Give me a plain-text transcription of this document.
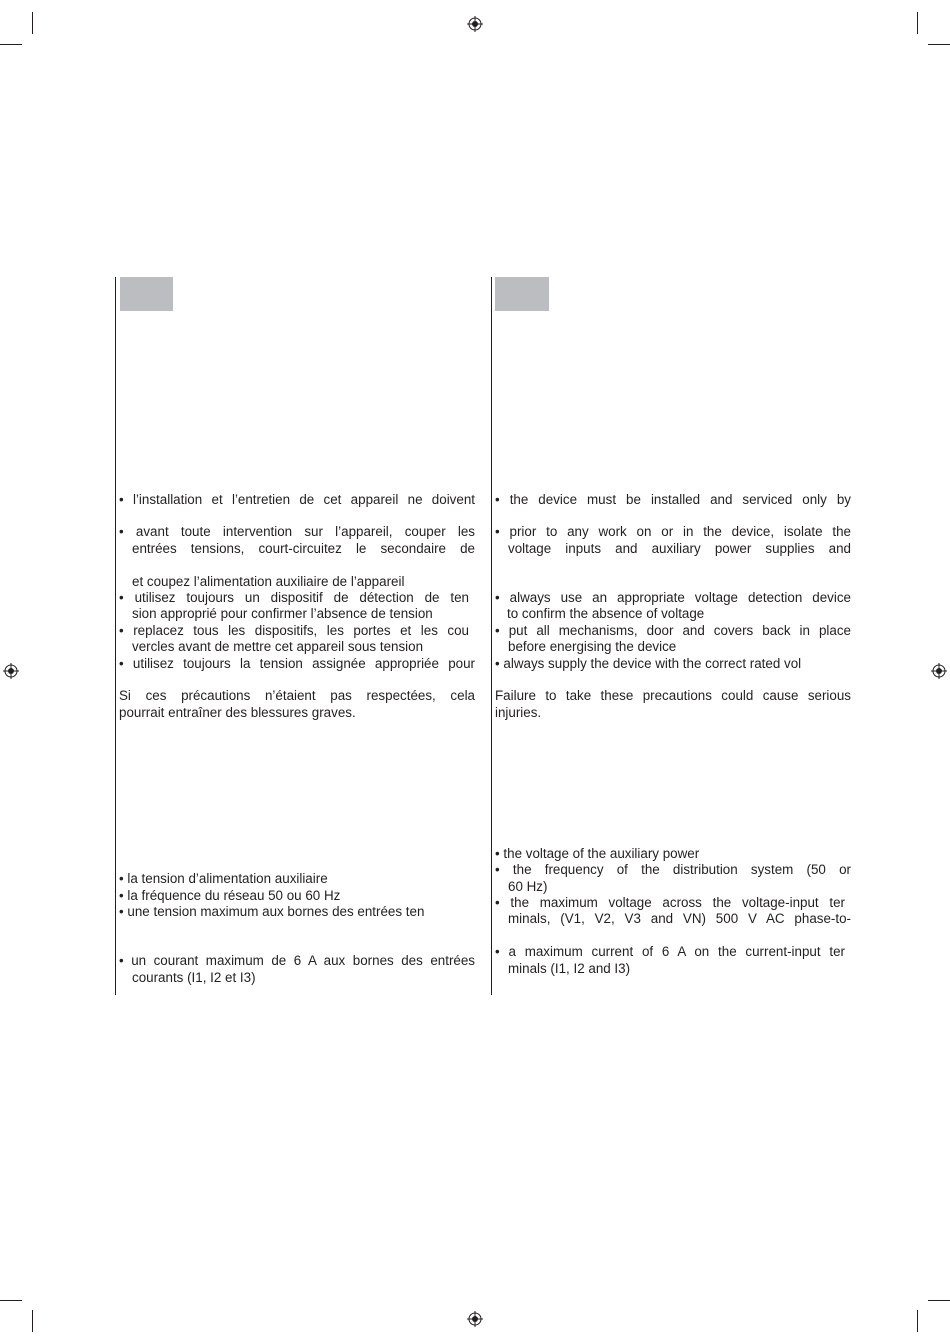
• l’installation et l’entretien de cet appareil ne doivent
• avant toute intervention sur l’appareil, couper les
entrées tensions, court-circuitez le secondaire de
et coupez l’alimentation auxiliaire de l’appareil
• utilisez toujours un dispositif de détection de ten
sion approprié pour confirmer l’absence de tension
• replacez tous les dispositifs, les portes et les cou
vercles avant de mettre cet appareil sous tension
• utilisez toujours la tension assignée appropriée pour
Si ces précautions n’étaient pas respectées, cela
pourrait entraîner des blessures graves.
• la tension d’alimentation auxiliaire
• la fréquence du réseau 50 ou 60 Hz
• une tension maximum aux bornes des entrées ten
• un courant maximum de 6 A aux bornes des entrées
courants (I1, I2 et I3)
• the device must be installed and serviced only by
• prior to any work on or in the device, isolate the
voltage inputs and auxiliary power supplies and
• always use an appropriate voltage detection device
to confirm the absence of voltage
• put all mechanisms, door and covers back in place
before energising the device
• always supply the device with the correct rated vol
Failure to take these precautions could cause serious
injuries.
• the voltage of the auxiliary power
• the frequency of the distribution system (50 or
60 Hz)
• the maximum voltage across the voltage-input ter
minals, (V1, V2, V3 and VN) 500 V AC phase-to-
• a maximum current of 6 A on the current-input ter
minals (I1, I2 and I3)
